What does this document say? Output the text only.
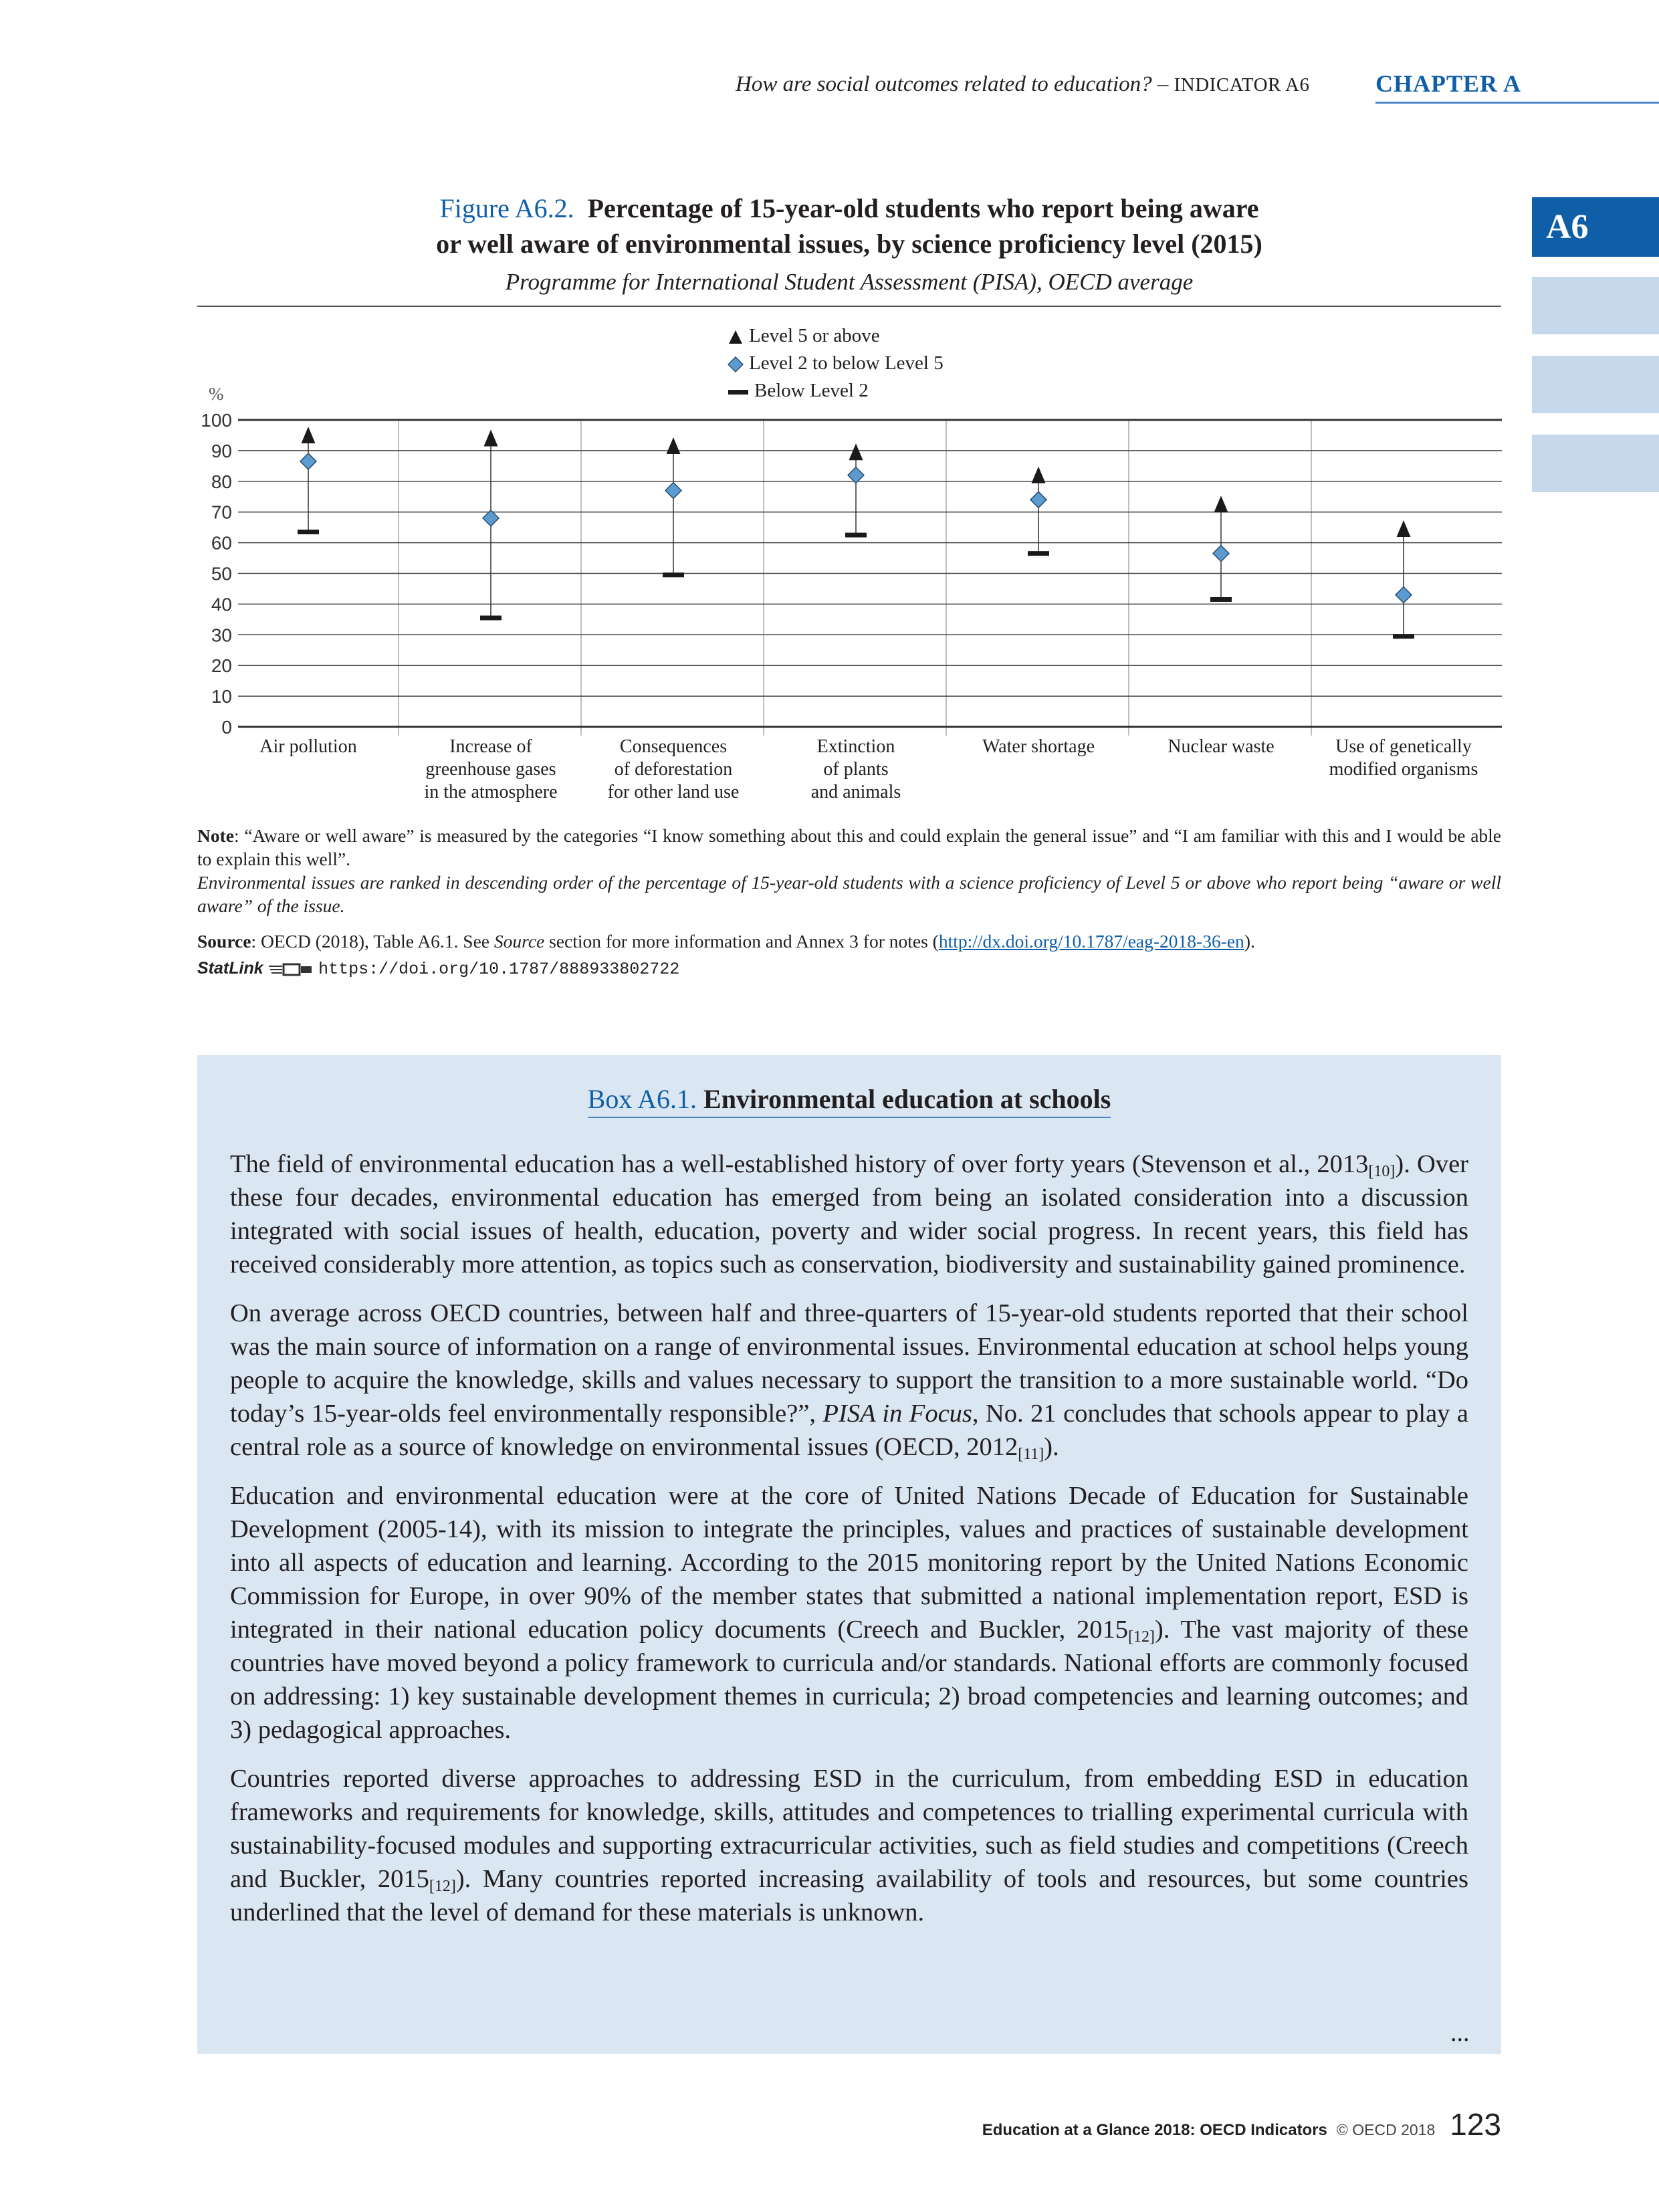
How are social outcomes related to education? – INDICATOR A6	CHAPTER A
A6
Figure A6.2. Percentage of 15-year-old students who report being aware
or well aware of environmental issues, by science proficiency level (2015)
Programme for International Student Assessment (PISA), OECD average
Level 5 or above
Level 2 to below Level 5
Below Level 2
%
0
10
20
30
40
50
60
70
80
90
100
Air pollution	Increase of
greenhouse gases
in the atmosphere
Consequences
of deforestation
for other land use
Extinction
of plants
and animals
Water shortage	Nuclear waste	Use of genetically
modified organisms
Note: “Aware or well aware” is measured by the categories “I know something about this and could explain the general issue” and “I am familiar with this and I would be able to explain this well”.
Environmental issues are ranked in descending order of the percentage of 15-year-old students with a science proficiency of Level 5 or above who report being “aware or well aware” of the issue.
Source: OECD (2018), Table A6.1. See Source section for more information and Annex 3 for notes (http://dx.doi.org/10.1787/eag-2018-36-en).
StatLink	https://doi.org/10.1787/888933802722
Box A6.1. Environmental education at schools

The field of environmental education has a well-established history of over forty years (Stevenson et al., $2013_{[10]}$). Over these four decades, environmental education has emerged from being an isolated consideration into a discussion integrated with social issues of health, education, poverty and wider social progress. In recent years, this field has received considerably more attention, as topics such as conservation, biodiversity and sustainability gained prominence.

On average across OECD countries, between half and three-quarters of 15-year-old students reported that their school was the main source of information on a range of environmental issues. Environmental education at school helps young people to acquire the knowledge, skills and values necessary to support the transition to a more sustainable world. “Do today’s 15-year-olds feel environmentally responsible?”, PISA in Focus, No. 21 concludes that schools appear to play a central role as a source of knowledge on environmental issues (OECD, $2012_{[11]}$).

Education and environmental education were at the core of United Nations Decade of Education for Sustainable Development (2005-14), with its mission to integrate the principles, values and practices of sustainable development into all aspects of education and learning. According to the 2015 monitoring report by the United Nations Economic Commission for Europe, in over 90% of the member states that submitted a national implementation report, ESD is integrated in their national education policy documents (Creech and Buckler, $2015_{[12]}$). The vast majority of these countries have moved beyond a policy framework to curricula and/or standards. National efforts are commonly focused on addressing: 1) key sustainable development themes in curricula; 2) broad competencies and learning outcomes; and 3) pedagogical approaches.

Countries reported diverse approaches to addressing ESD in the curriculum, from embedding ESD in education frameworks and requirements for knowledge, skills, attitudes and competences to trialling experimental curricula with sustainability-focused modules and supporting extracurricular activities, such as field studies and competitions (Creech and Buckler, $2015_{[12]}$). Many countries reported increasing availability of tools and resources, but some countries underlined that the level of demand for these materials is unknown.

...
Education at a Glance 2018: OECD Indicators © OECD 2018 123
